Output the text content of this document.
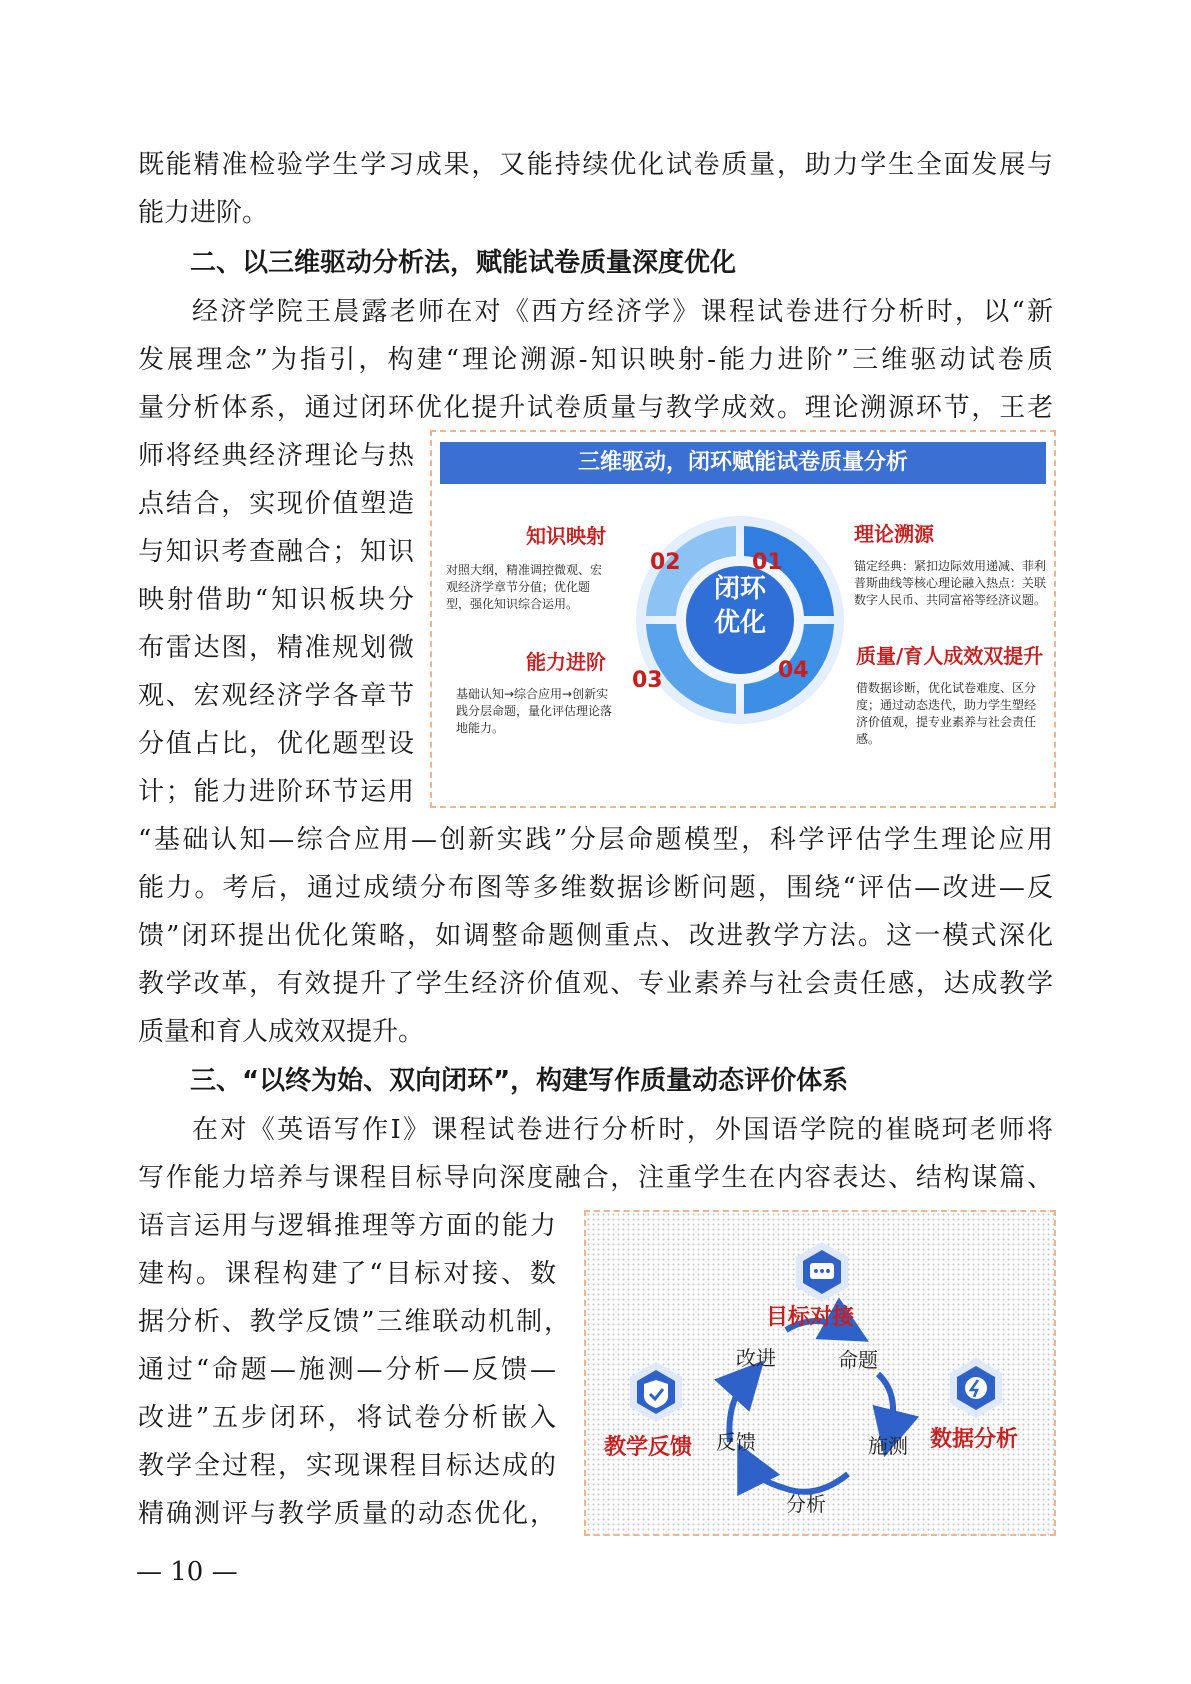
既能精准检验学生学习成果，又能持续优化试卷质量，助力学生全面发展与
能力进阶。
二、以三维驱动分析法，赋能试卷质量深度优化
经济学院王晨露老师在对《西方经济学》课程试卷进行分析时，以“新
发展理念”为指引，构建“理论溯源-知识映射-能力进阶”三维驱动试卷质
量分析体系，通过闭环优化提升试卷质量与教学成效。理论溯源环节，王老
师将经典经济理论与热
点结合，实现价值塑造
与知识考查融合；知识
映射借助“知识板块分
布雷达图，精准规划微
观、宏观经济学各章节
分值占比，优化题型设
计；能力进阶环节运用
三维驱动，闭环赋能试卷质量分析
闭环
优化
01
02
03	04
知识映射
对照大纲，精准调控微观、宏观经济学章节分值；优化题型，强化知识综合运用。
能力进阶
基础认知→综合应用→创新实践分层命题，量化评估理论落地能力。
理论溯源
锚定经典：紧扣边际效用递减、菲利普斯曲线等核心理论融入热点：关联数字人民币、共同富裕等经济议题。
质量/育人成效双提升
借数据诊断，优化试卷难度、区分度；通过动态迭代，助力学生塑经济价值观，提专业素养与社会责任感。
“基础认知—综合应用—创新实践”分层命题模型，科学评估学生理论应用
能力。考后，通过成绩分布图等多维数据诊断问题，围绕“评估—改进—反
馈”闭环提出优化策略，如调整命题侧重点、改进教学方法。这一模式深化
教学改革，有效提升了学生经济价值观、专业素养与社会责任感，达成教学
质量和育人成效双提升。
三、“以终为始、双向闭环”，构建写作质量动态评价体系
在对《英语写作Ⅰ》课程试卷进行分析时，外国语学院的崔晓珂老师将
写作能力培养与课程目标导向深度融合，注重学生在内容表达、结构谋篇、
语言运用与逻辑推理等方面的能力
建构。课程构建了“目标对接、数
据分析、教学反馈”三维联动机制，
通过“命题—施测—分析—反馈—
改进”五步闭环，将试卷分析嵌入
教学全过程，实现课程目标达成的
精确测评与教学质量的动态优化，
目标对接
数据分析
教学反馈
改进	命题
施测
分析
反馈
— 10 —
